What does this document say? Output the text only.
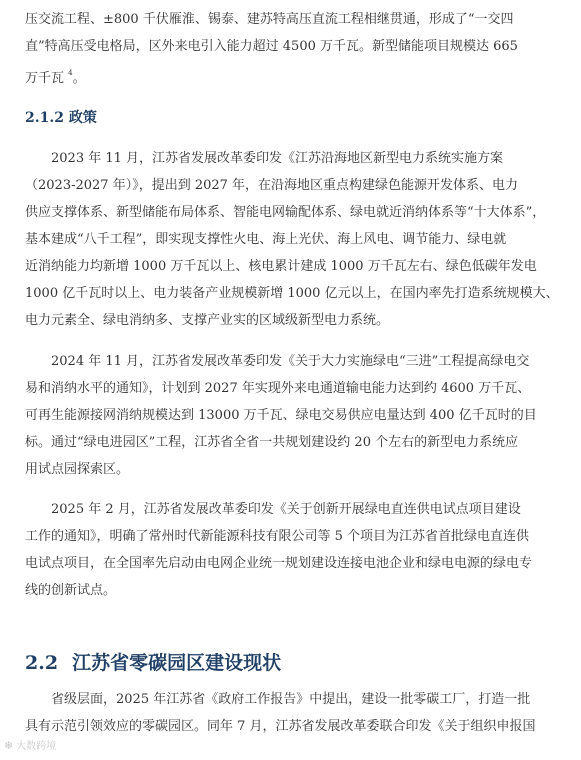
压交流工程、±800 千伏雁淮、锡泰、建苏特高压直流工程相继贯通，形成了“一交四
直”特高压受电格局，区外来电引入能力超过 4500 万千瓦。新型储能项目规模达 665
万千瓦 $^4$。
2.1.2 政策
2023 年 11 月，江苏省发展改革委印发《江苏沿海地区新型电力系统实施方案
（2023-2027 年）》，提出到 2027 年，在沿海地区重点构建绿色能源开发体系、电力
供应支撑体系、新型储能布局体系、智能电网输配体系、绿电就近消纳体系等“十大体系”，
基本建成“八千工程”，即实现支撑性火电、海上光伏、海上风电、调节能力、绿电就
近消纳能力均新增 1000 万千瓦以上、核电累计建成 1000 万千瓦左右、绿色低碳年发电
1000 亿千瓦时以上、电力装备产业规模新增 1000 亿元以上，在国内率先打造系统规模大、
电力元素全、绿电消纳多、支撑产业实的区域级新型电力系统。
2024 年 11 月，江苏省发展改革委印发《关于大力实施绿电“三进”工程提高绿电交
易和消纳水平的通知》，计划到 2027 年实现外来电通道输电能力达到约 4600 万千瓦、
可再生能源接网消纳规模达到 13000 万千瓦、绿电交易供应电量达到 400 亿千瓦时的目
标。通过“绿电进园区”工程，江苏省全省一共规划建设约 20 个左右的新型电力系统应
用试点园探索区。
2025 年 2 月，江苏省发展改革委印发《关于创新开展绿电直连供电试点项目建设
工作的通知》，明确了常州时代新能源科技有限公司等 5 个项目为江苏省首批绿电直连供
电试点项目，在全国率先启动由电网企业统一规划建设连接电池企业和绿电电源的绿电专
线的创新试点。
2.2 江苏省零碳园区建设现状
省级层面，2025 年江苏省《政府工作报告》中提出，建设一批零碳工厂，打造一批
具有示范引领效应的零碳园区。同年 7 月，江苏省发展改革委联合印发《关于组织申报国
❄ 大数跨境
